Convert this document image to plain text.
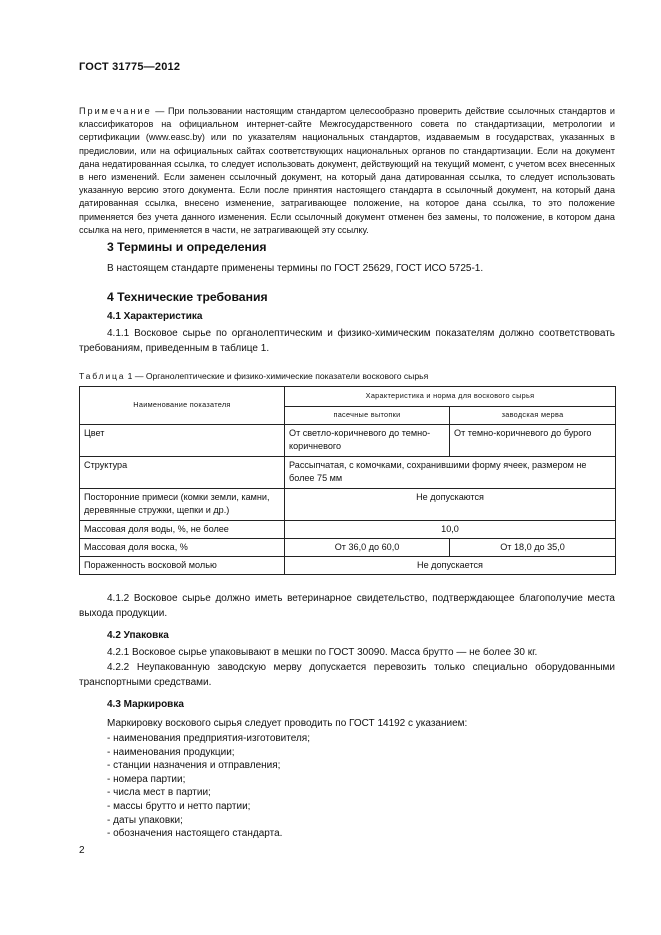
ГОСТ 31775—2012
Примечание — При пользовании настоящим стандартом целесообразно проверить действие ссылочных стандартов и классификаторов на официальном интернет-сайте Межгосударственного совета по стандартизации, метрологии и сертификации (www.easc.by) или по указателям национальных стандартов, издаваемым в государствах, указанных в предисловии, или на официальных сайтах соответствующих национальных органов по стандартизации. Если на документ дана недатированная ссылка, то следует использовать документ, действующий на текущий момент, с учетом всех внесенных в него изменений. Если заменен ссылочный документ, на который дана датированная ссылка, то следует использовать указанную версию этого документа. Если после принятия настоящего стандарта в ссылочный документ, на который дана датированная ссылка, внесено изменение, затрагивающее положение, на которое дана ссылка, то это положение применяется без учета данного изменения. Если ссылочный документ отменен без замены, то положение, в котором дана ссылка на него, применяется в части, не затрагивающей эту ссылку.
3 Термины и определения
В настоящем стандарте применены термины по ГОСТ 25629, ГОСТ ИСО 5725-1.
4 Технические требования
4.1 Характеристика
4.1.1 Восковое сырье по органолептическим и физико-химическим показателям должно соответствовать требованиям, приведенным в таблице 1.
Таблица 1 — Органолептические и физико-химические показатели воскового сырья
Наименование показателя	Характеристика и норма для воскового сырья	
	пасечные вытопки	заводская мерва
Цвет	От светло-коричневого до темно-коричневого	От темно-коричневого до бурого
Структура	Рассыпчатая, с комочками, сохранившими форму ячеек, размером не более 75 мм	
Посторонние примеси (комки земли, камни, деревянные стружки, щепки и др.)	Не допускаются	
Массовая доля воды, %, не более	10,0	
Массовая доля воска, %	От 36,0 до 60,0	От 18,0 до 35,0
Пораженность восковой молью	Не допускается	
4.1.2 Восковое сырье должно иметь ветеринарное свидетельство, подтверждающее благополучие места выхода продукции.
4.2 Упаковка
4.2.1 Восковое сырье упаковывают в мешки по ГОСТ 30090. Масса брутто — не более 30 кг.
4.2.2 Неупакованную заводскую мерву допускается перевозить только специально оборудованными транспортными средствами.
4.3 Маркировка
Маркировку воскового сырья следует проводить по ГОСТ 14192 с указанием:
- наименования предприятия-изготовителя;
- наименования продукции;
- станции назначения и отправления;
- номера партии;
- числа мест в партии;
- массы брутто и нетто партии;
- даты упаковки;
- обозначения настоящего стандарта.
2
